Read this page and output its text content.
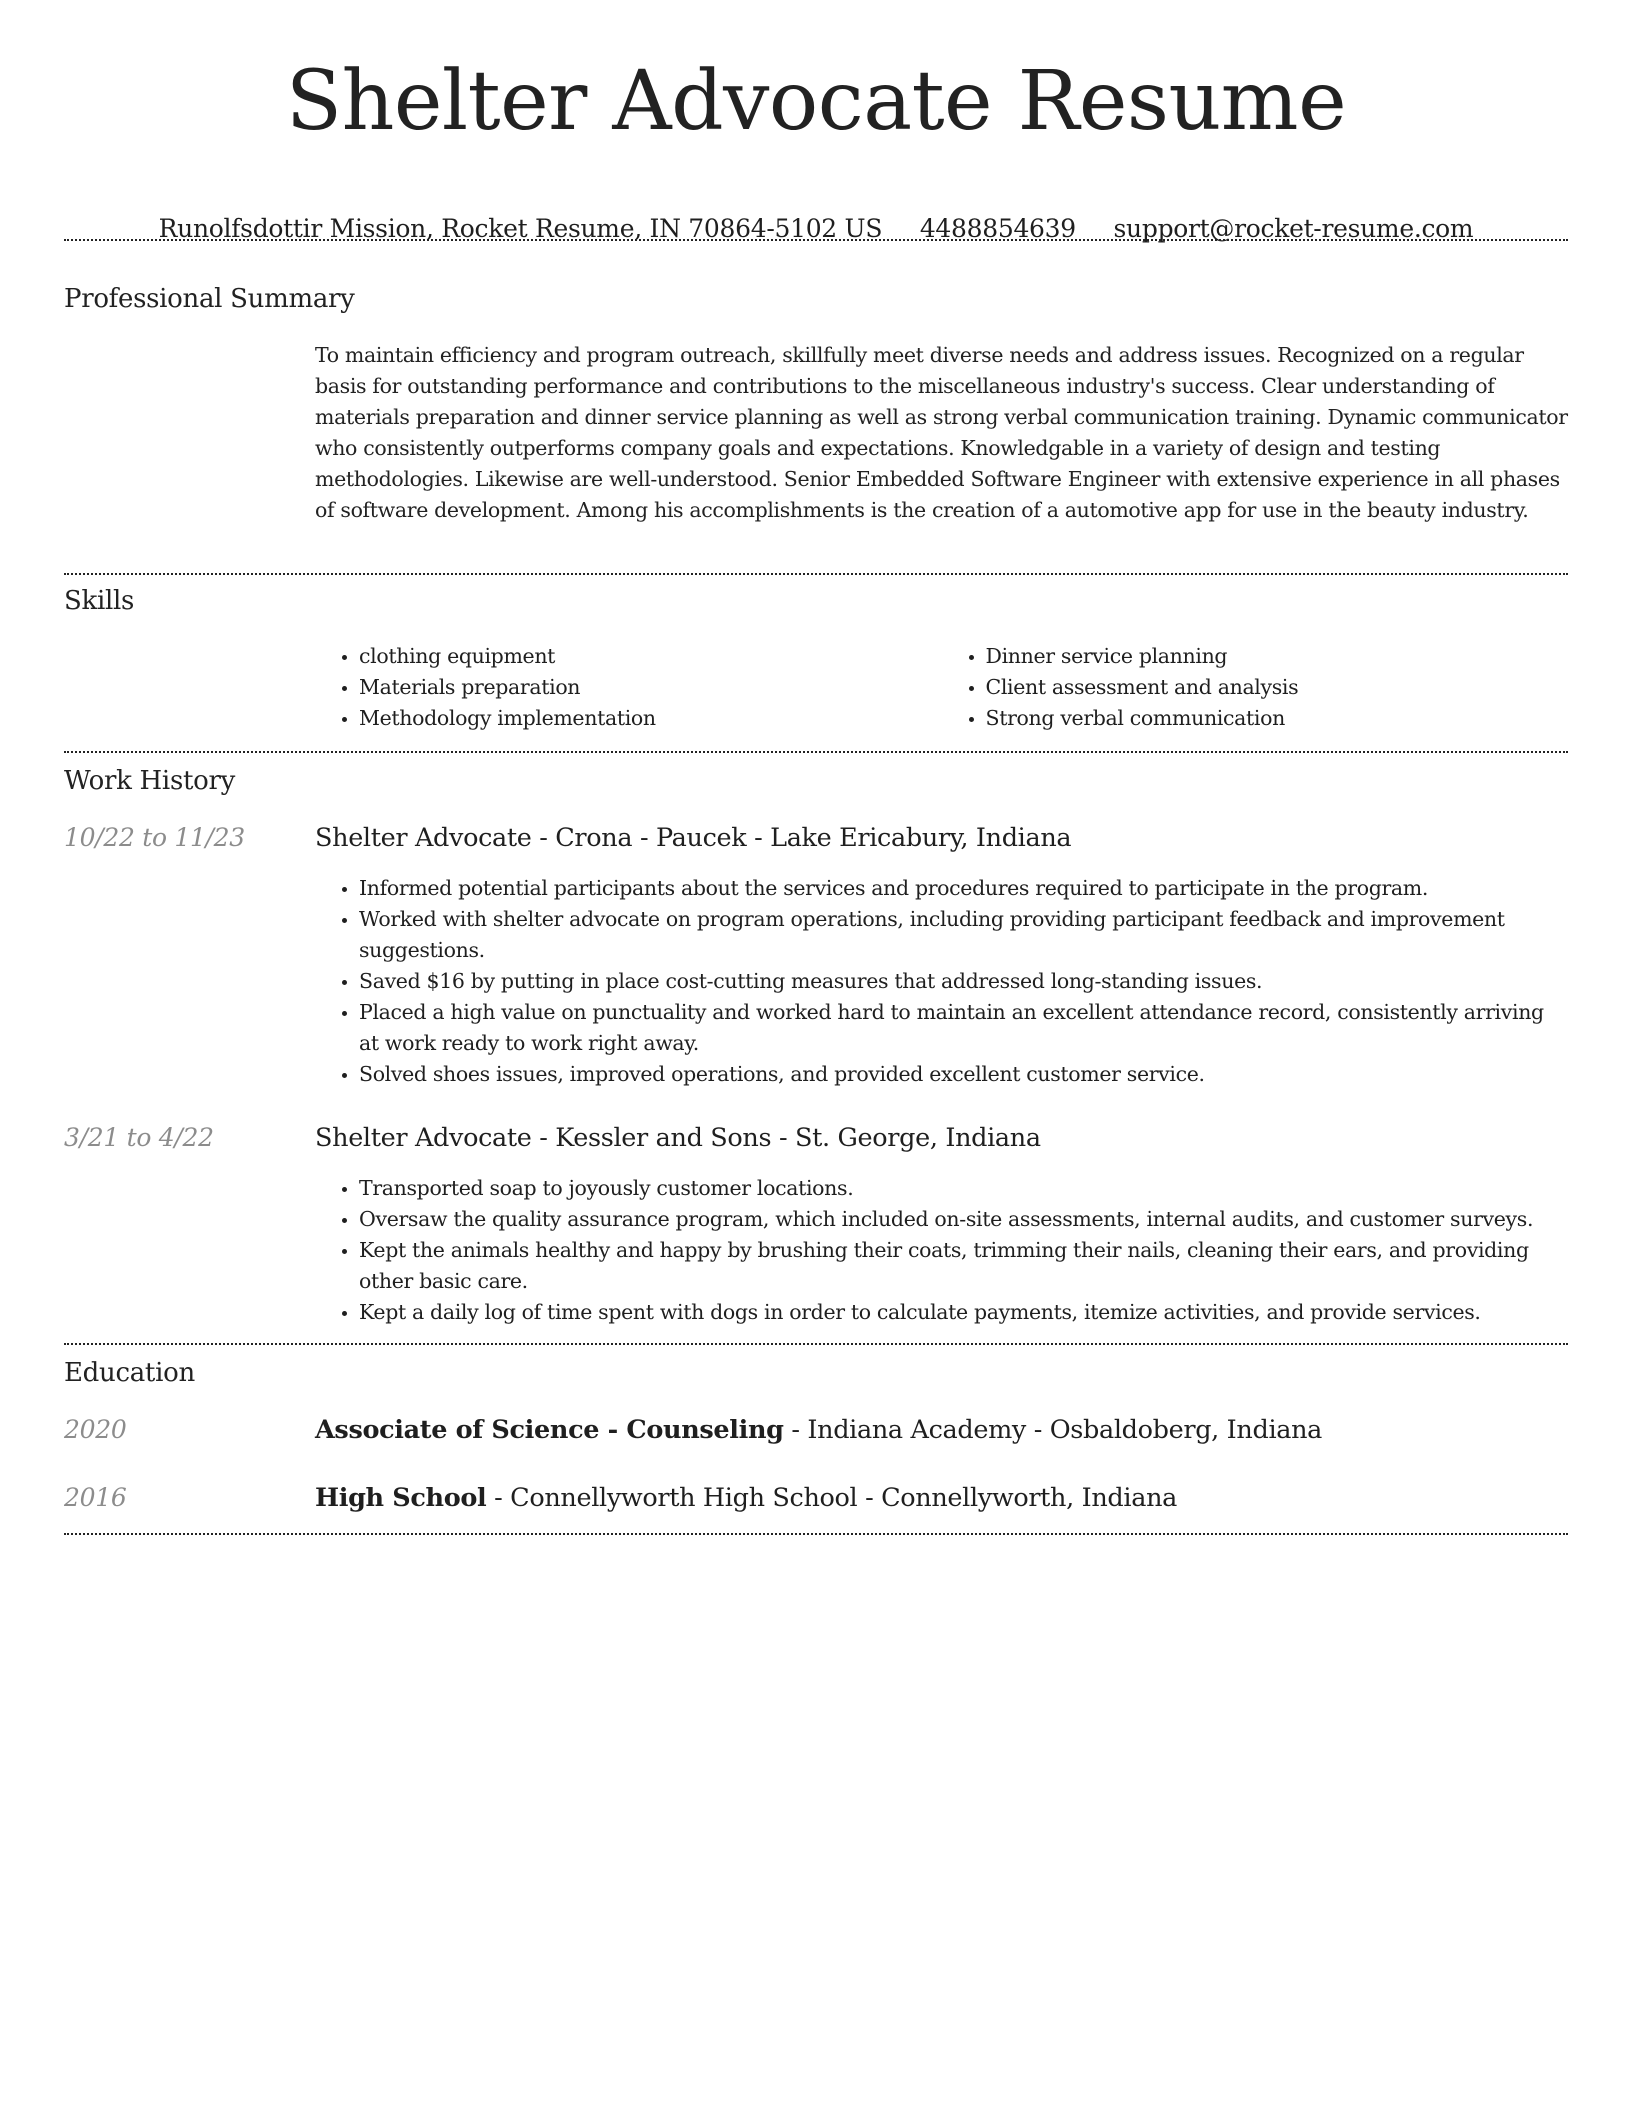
Shelter Advocate Resume
Runolfsdottir Mission, Rocket Resume, IN 70864-5102 US 4488854639 support@rocket-resume.com
Professional Summary
To maintain efficiency and program outreach, skillfully meet diverse needs and address issues. Recognized on a regular basis for outstanding performance and contributions to the miscellaneous industry's success. Clear understanding of materials preparation and dinner service planning as well as strong verbal communication training. Dynamic communicator who consistently outperforms company goals and expectations. Knowledgable in a variety of design and testing methodologies. Likewise are well-understood. Senior Embedded Software Engineer with extensive experience in all phases of software development. Among his accomplishments is the creation of a automotive app for use in the beauty industry.
Skills
• clothing equipment
• Materials preparation
• Methodology implementation
• Dinner service planning
• Client assessment and analysis
• Strong verbal communication
Work History
10/22 to 11/23	Shelter Advocate - Crona - Paucek - Lake Ericabury, Indiana
• Informed potential participants about the services and procedures required to participate in the program.
• Worked with shelter advocate on program operations, including providing participant feedback and improvement suggestions.
• Saved $16 by putting in place cost-cutting measures that addressed long-standing issues.
• Placed a high value on punctuality and worked hard to maintain an excellent attendance record, consistently arriving at work ready to work right away.
• Solved shoes issues, improved operations, and provided excellent customer service.
3/21 to 4/22	Shelter Advocate - Kessler and Sons - St. George, Indiana
• Transported soap to joyously customer locations.
• Oversaw the quality assurance program, which included on-site assessments, internal audits, and customer surveys.
• Kept the animals healthy and happy by brushing their coats, trimming their nails, cleaning their ears, and providing other basic care.
• Kept a daily log of time spent with dogs in order to calculate payments, itemize activities, and provide services.
Education
2020	Associate of Science - Counseling - Indiana Academy - Osbaldoberg, Indiana
2016	High School - Connellyworth High School - Connellyworth, Indiana
